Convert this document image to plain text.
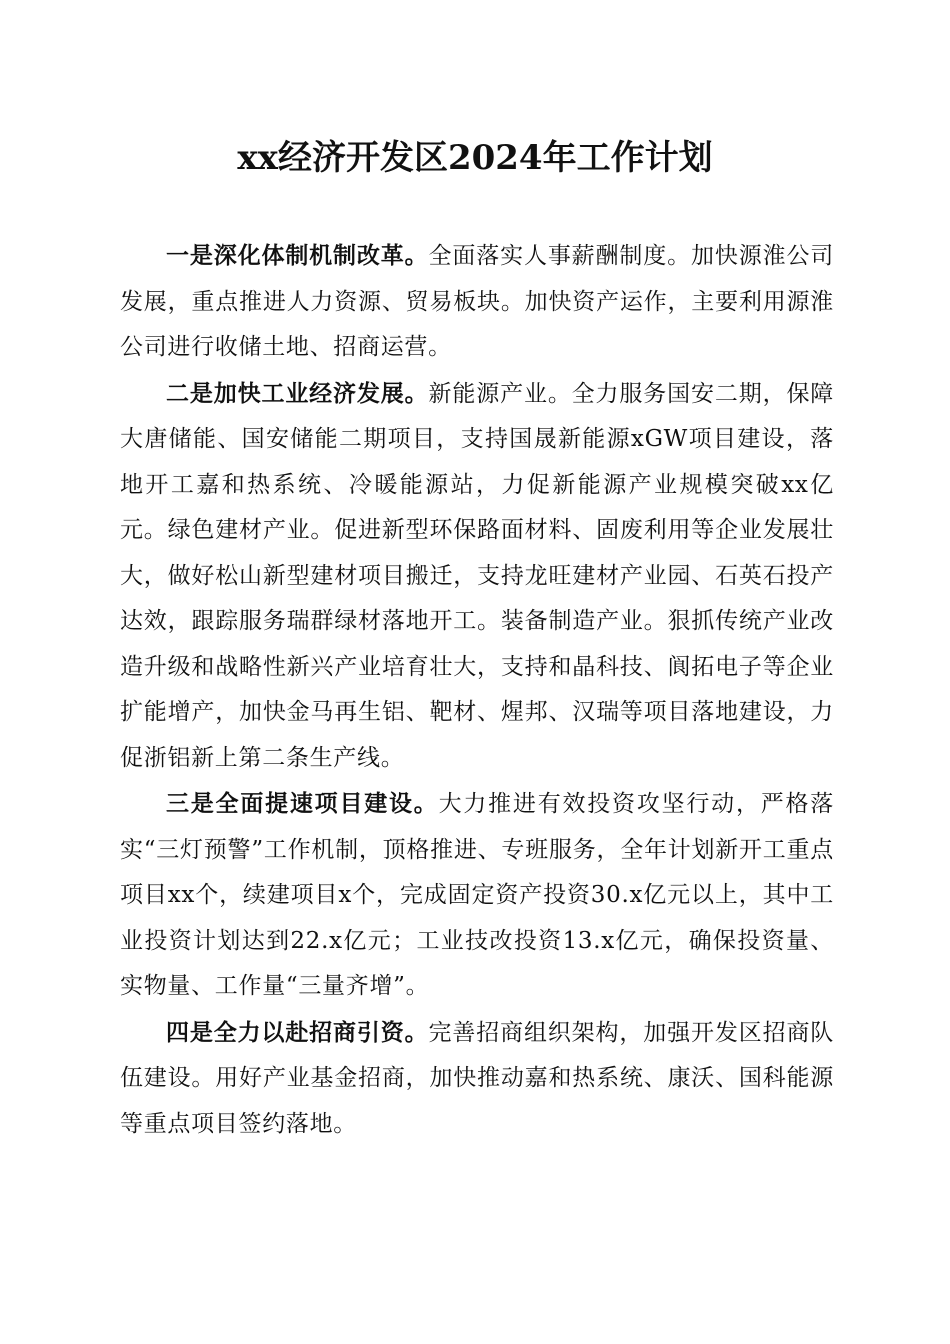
xx经济开发区2024年工作计划

一是深化体制机制改革。全面落实人事薪酬制度。加快源淮公司发展，重点推进人力资源、贸易板块。加快资产运作，主要利用源淮公司进行收储土地、招商运营。

二是加快工业经济发展。新能源产业。全力服务国安二期，保障大唐储能、国安储能二期项目，支持国晟新能源xGW项目建设，落地开工嘉和热系统、冷暖能源站，力促新能源产业规模突破xx亿元。绿色建材产业。促进新型环保路面材料、固废利用等企业发展壮大，做好松山新型建材项目搬迁，支持龙旺建材产业园、石英石投产达效，跟踪服务瑞群绿材落地开工。装备制造产业。狠抓传统产业改造升级和战略性新兴产业培育壮大，支持和晶科技、阆拓电子等企业扩能增产，加快金马再生铝、靶材、煋邦、汉瑞等项目落地建设，力促浙铝新上第二条生产线。

三是全面提速项目建设。大力推进有效投资攻坚行动，严格落实“三灯预警”工作机制，顶格推进、专班服务，全年计划新开工重点项目xx个，续建项目x个，完成固定资产投资30.x亿元以上，其中工业投资计划达到22.x亿元；工业技改投资13.x亿元，确保投资量、实物量、工作量“三量齐增”。

四是全力以赴招商引资。完善招商组织架构，加强开发区招商队伍建设。用好产业基金招商，加快推动嘉和热系统、康沃、国科能源等重点项目签约落地。
